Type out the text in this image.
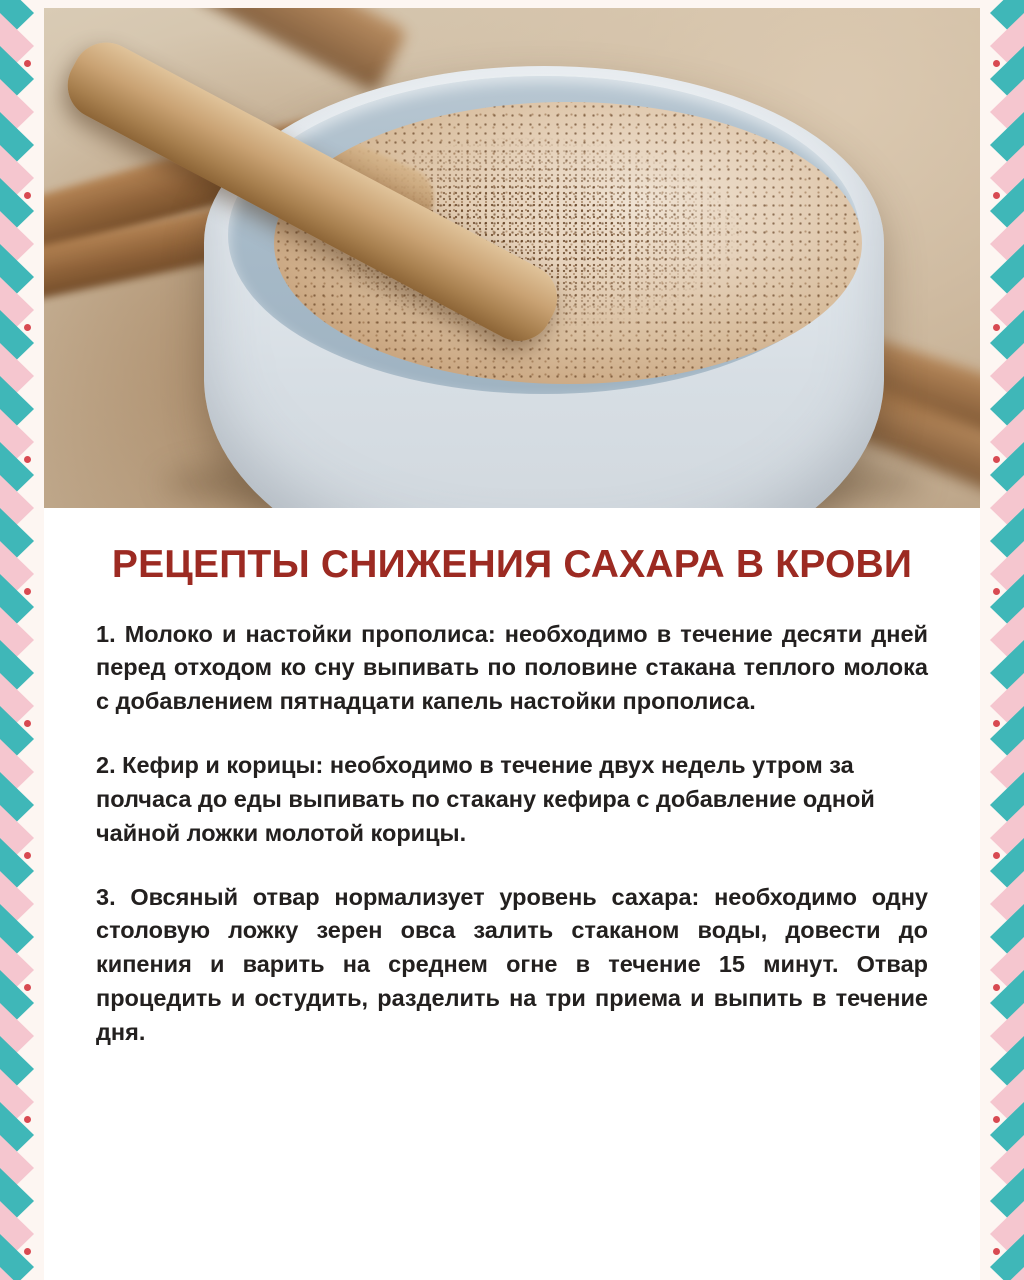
РЕЦЕПТЫ СНИЖЕНИЯ САХАРА В КРОВИ

1. Молоко и настойки прополиса: необходимо в течение десяти дней перед отходом ко сну выпивать по половине стакана теплого молока с добавлением пятнадцати капель настойки прополиса.

2. Кефир и корицы: необходимо в течение двух недель утром за полчаса до еды выпивать по стакану кефира с добавление одной чайной ложки молотой корицы.

3. Овсяный отвар нормализует уровень сахара: необходимо одну столовую ложку зерен овса залить стаканом воды, довести до кипения и варить на среднем огне в течение 15 минут. Отвар процедить и остудить, разделить на три приема и выпить в течение дня.
